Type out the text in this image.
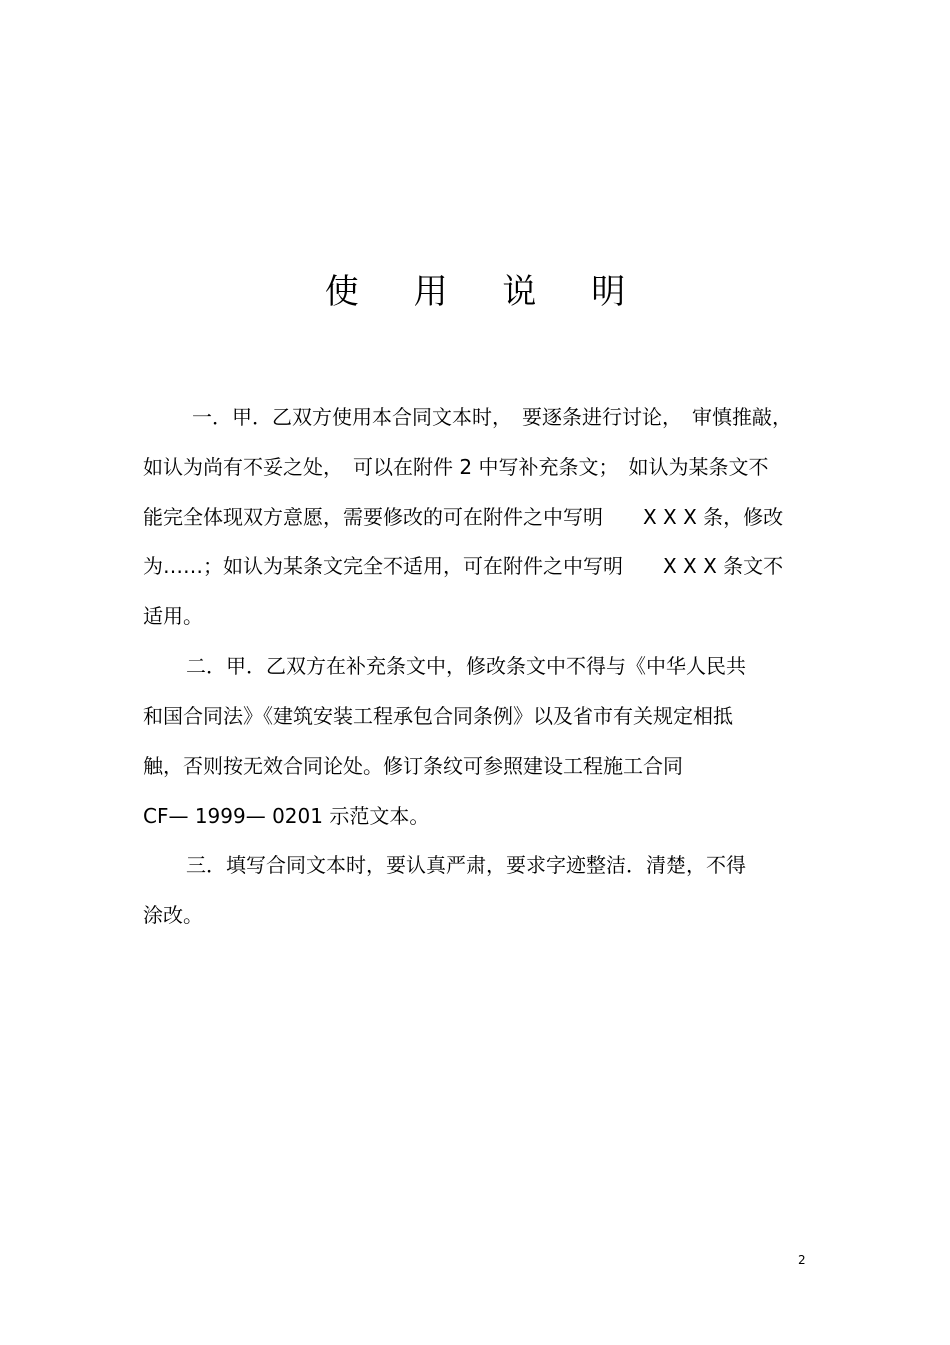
使 用 说 明
一．甲．乙双方使用本合同文本时，　要逐条进行讨论，　审慎推敲，
如认为尚有不妥之处，　可以在附件 2 中写补充条文；　如认为某条文不
能完全体现双方意愿，需要修改的可在附件之中写明　　X X X 条，修改
为……；如认为某条文完全不适用，可在附件之中写明　　X X X 条文不
适用。
二．甲．乙双方在补充条文中，修改条文中不得与《中华人民共
和国合同法》《建筑安装工程承包合同条例》以及省市有关规定相抵
触，否则按无效合同论处。修订条纹可参照建设工程施工合同
CF— 1999— 0201 示范文本。
三．填写合同文本时，要认真严肃，要求字迹整洁．清楚，不得
涂改。
2
